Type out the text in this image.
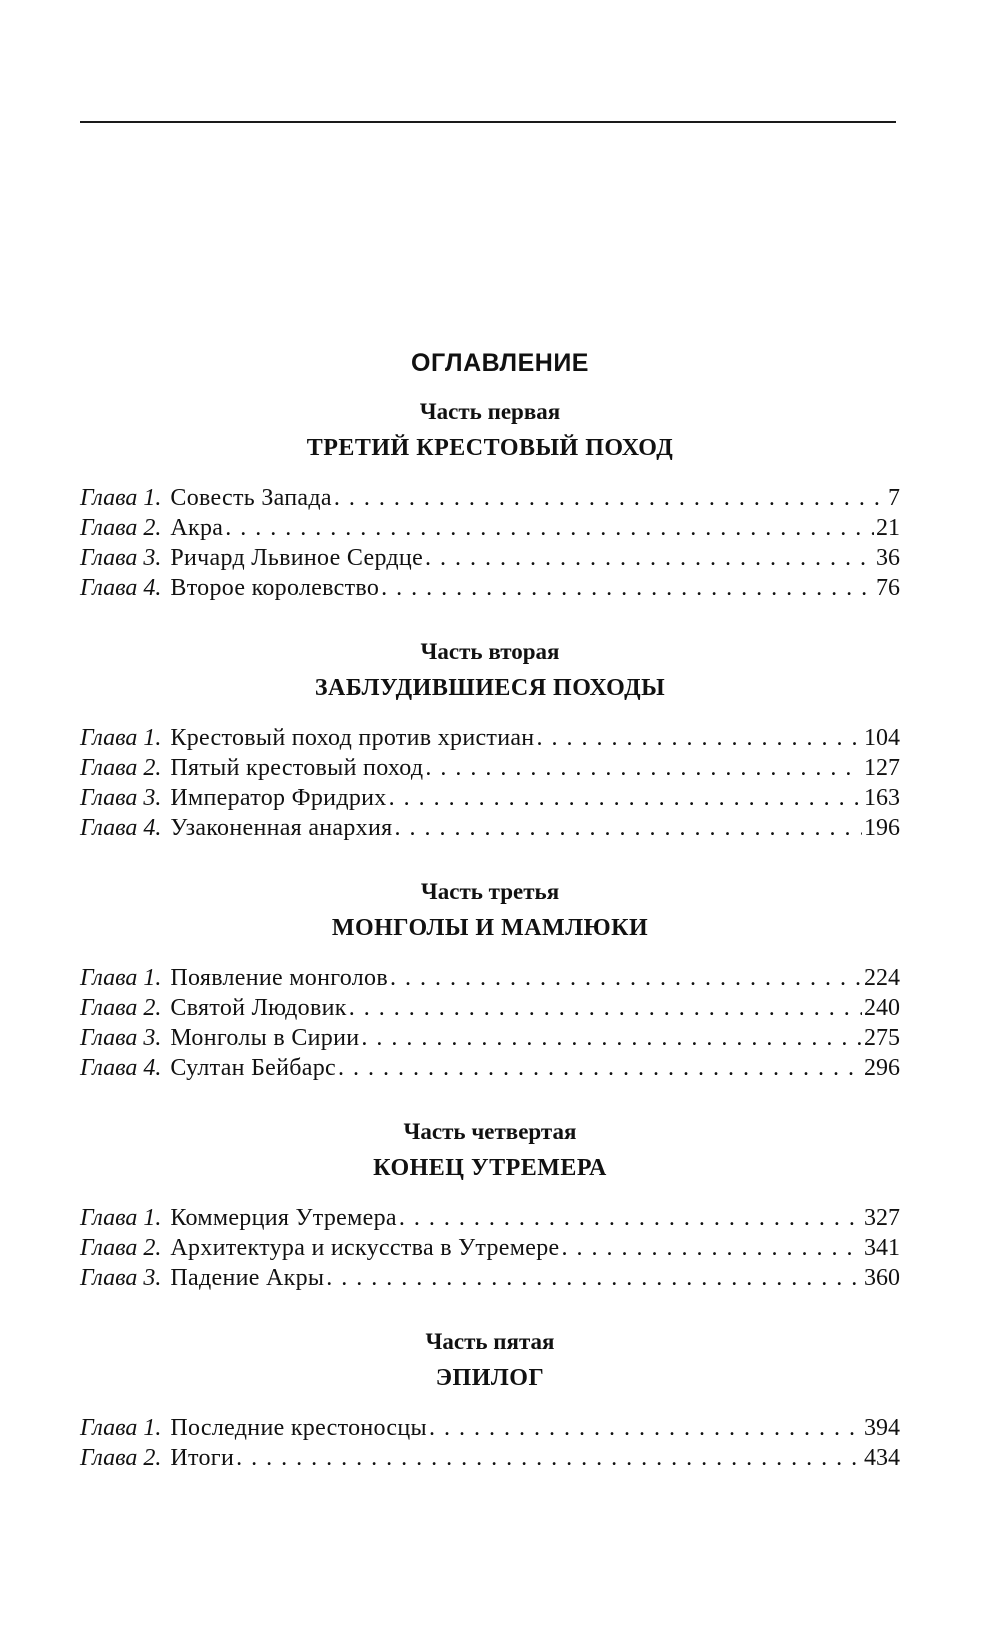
ОГЛАВЛЕНИЕ
Часть первая
ТРЕТИЙ КРЕСТОВЫЙ ПОХОД
Глава 1. Совесть Запада . . .	7
Глава 2. Акра . . .	21
Глава 3. Ричард Львиное Сердце . . .	36
Глава 4. Второе королевство . . .	76
Часть вторая
ЗАБЛУДИВШИЕСЯ ПОХОДЫ
Глава 1. Крестовый поход против христиан . . .	104
Глава 2. Пятый крестовый поход . . .	127
Глава 3. Император Фридрих . . .	163
Глава 4. Узаконенная анархия . . .	196
Часть третья
МОНГОЛЫ И МАМЛЮКИ
Глава 1. Появление монголов . . .	224
Глава 2. Святой Людовик . . .	240
Глава 3. Монголы в Сирии . . .	275
Глава 4. Султан Бейбарс . . .	296
Часть четвертая
КОНЕЦ УТРЕМЕРА
Глава 1. Коммерция Утремера . . .	327
Глава 2. Архитектура и искусства в Утремере . . .	341
Глава 3. Падение Акры . . .	360
Часть пятая
ЭПИЛОГ
Глава 1. Последние крестоносцы . . .	394
Глава 2. Итоги . . .	434
